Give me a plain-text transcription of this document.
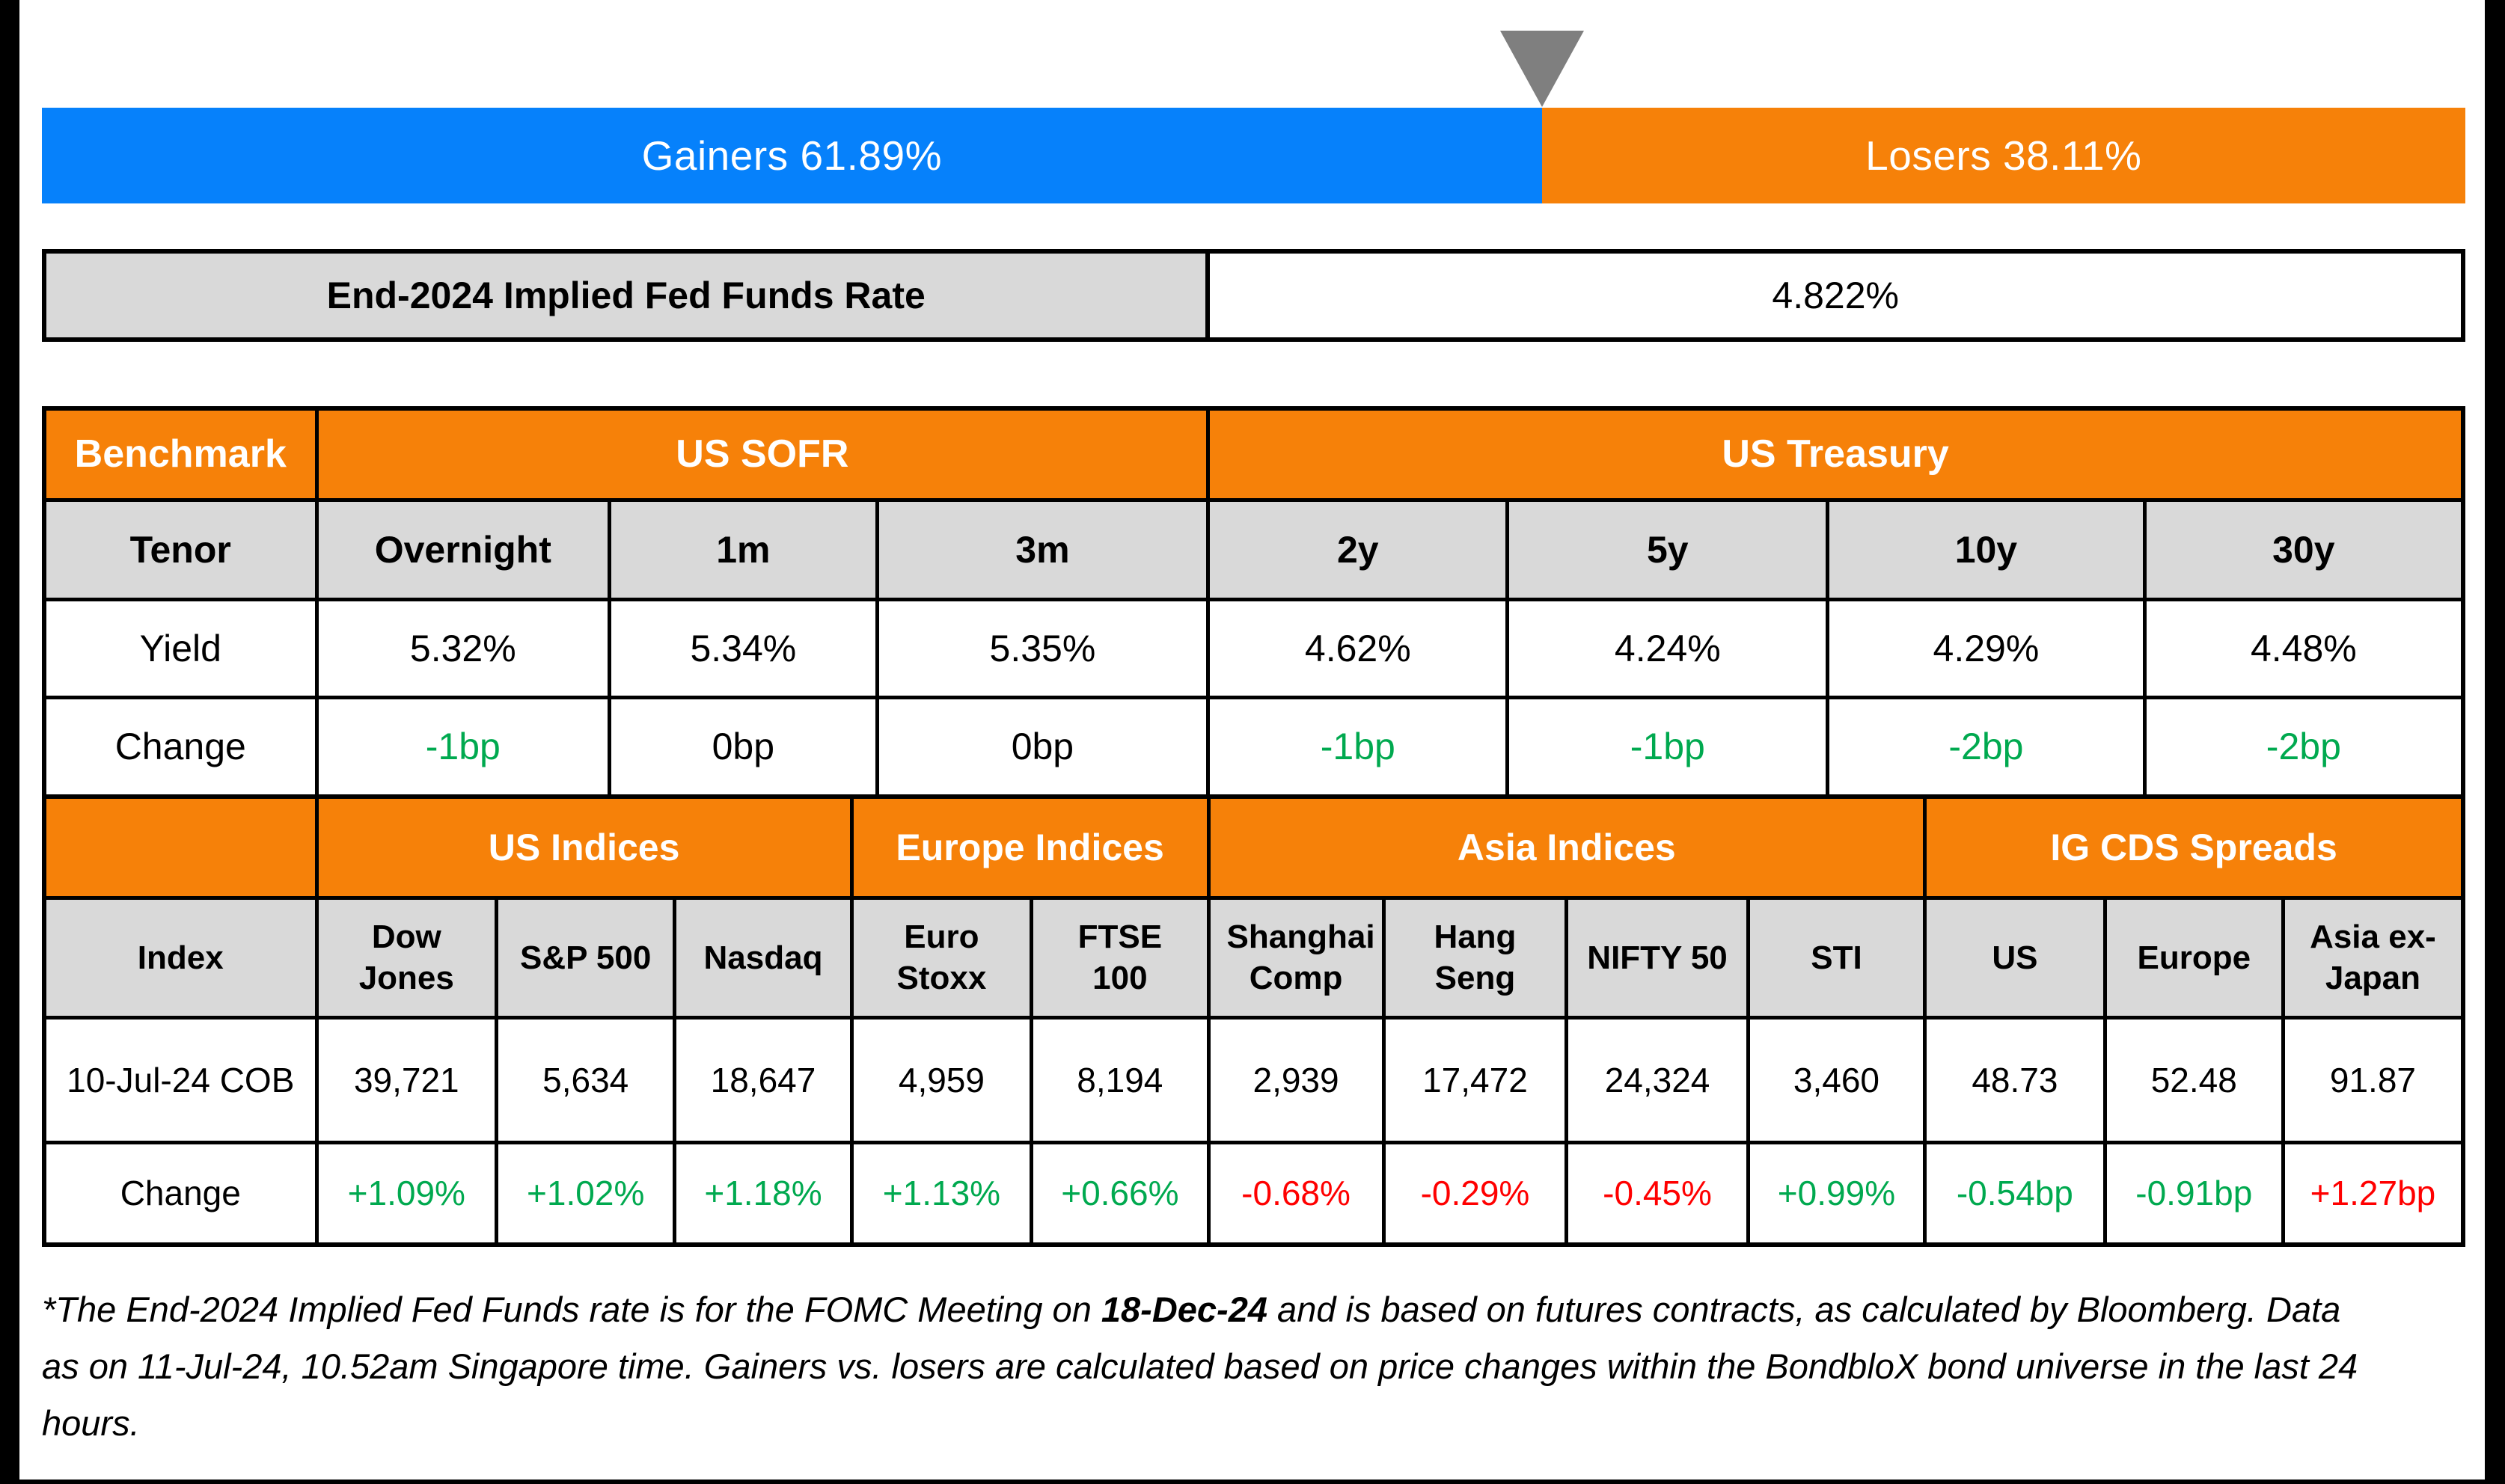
Gainers 61.89%	Losers 38.11%
End-2024 Implied Fed Funds Rate	4.822%
Benchmark	US SOFR			US Treasury			
Tenor	Overnight	1m	3m	2y	5y	10y	30y
Yield	5.32%	5.34%	5.35%	4.62%	4.24%	4.29%	4.48%
Change	-1bp	0bp	0bp	-1bp	-1bp	-2bp	-2bp
	US Indices			Europe Indices		Asia Indices				IG CDS Spreads		
Index	Dow Jones	S&P 500	Nasdaq	Euro Stoxx	FTSE 100	Shanghai Comp	Hang Seng	NIFTY 50	STI	US	Europe	Asia ex-Japan
10-Jul-24 COB	39,721	5,634	18,647	4,959	8,194	2,939	17,472	24,324	3,460	48.73	52.48	91.87
Change	+1.09%	+1.02%	+1.18%	+1.13%	+0.66%	-0.68%	-0.29%	-0.45%	+0.99%	-0.54bp	-0.91bp	+1.27bp

*The End-2024 Implied Fed Funds rate is for the FOMC Meeting on 18-Dec-24 and is based on futures contracts, as calculated by Bloomberg. Data as on 11-Jul-24, 10.52am Singapore time. Gainers vs. losers are calculated based on price changes within the BondbloX bond universe in the last 24 hours.
